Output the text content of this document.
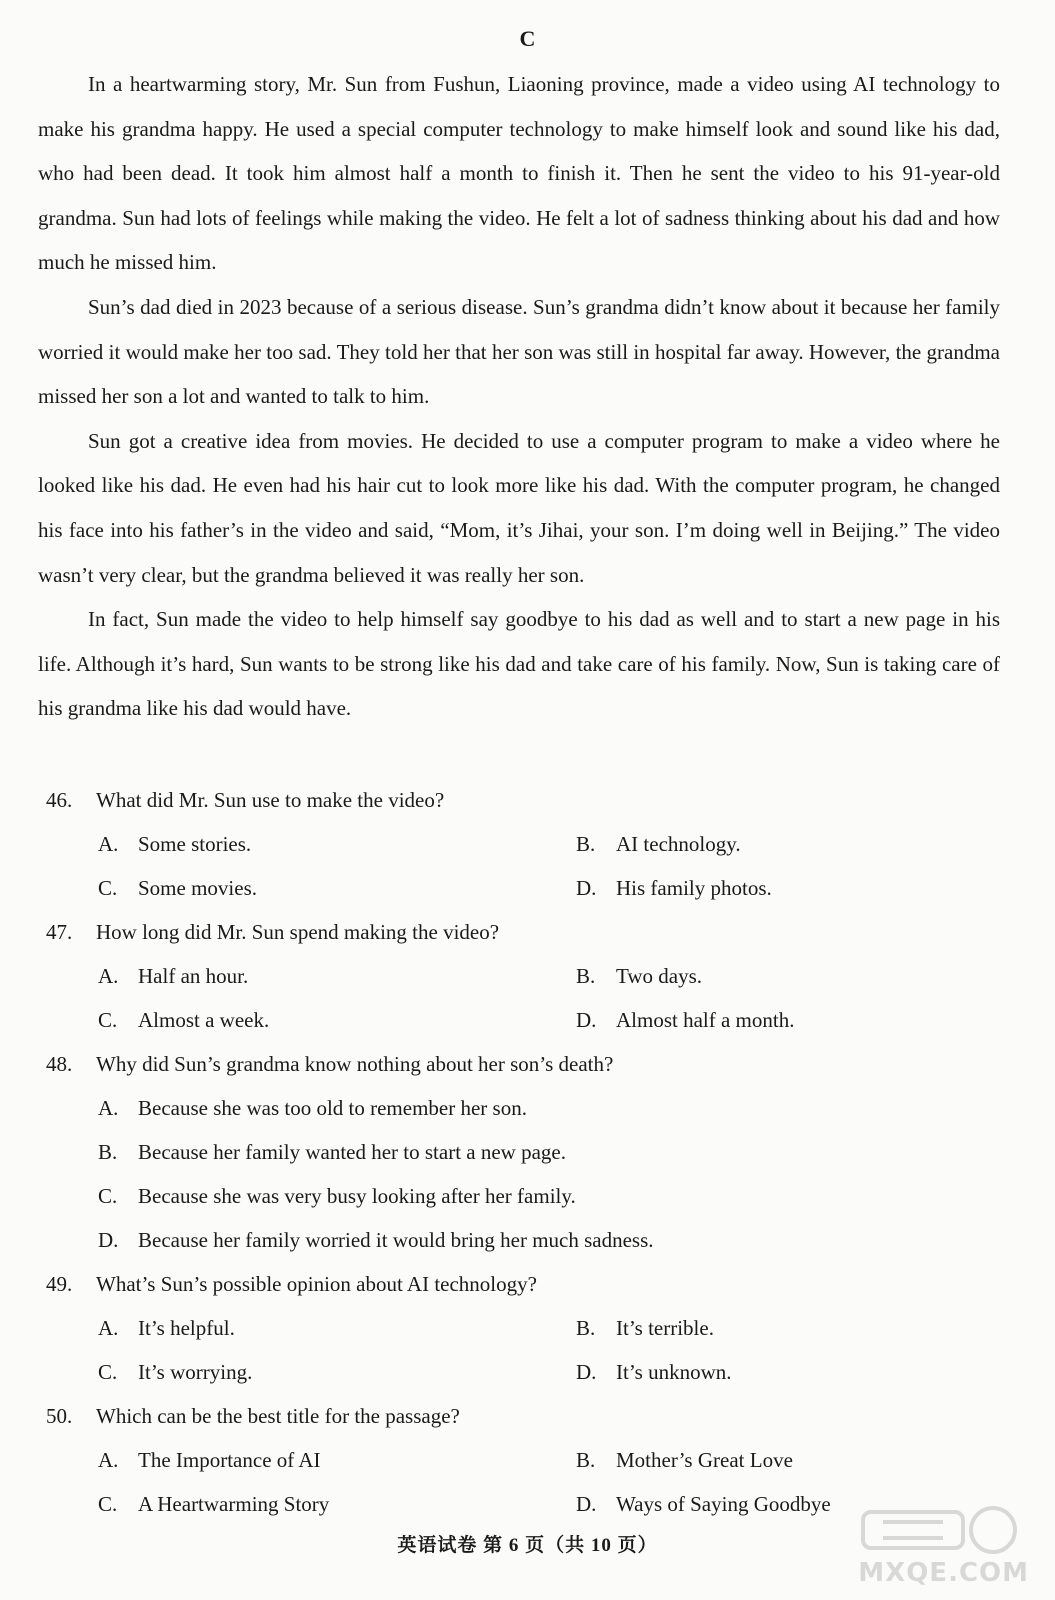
C

In a heartwarming story, Mr. Sun from Fushun, Liaoning province, made a video using AI technology to make his grandma happy. He used a special computer technology to make himself look and sound like his dad, who had been dead. It took him almost half a month to finish it. Then he sent the video to his 91-year-old grandma. Sun had lots of feelings while making the video. He felt a lot of sadness thinking about his dad and how much he missed him.

Sun’s dad died in 2023 because of a serious disease. Sun’s grandma didn’t know about it because her family worried it would make her too sad. They told her that her son was still in hospital far away. However, the grandma missed her son a lot and wanted to talk to him.

Sun got a creative idea from movies. He decided to use a computer program to make a video where he looked like his dad. He even had his hair cut to look more like his dad. With the computer program, he changed his face into his father’s in the video and said, “Mom, it’s Jihai, your son. I’m doing well in Beijing.” The video wasn’t very clear, but the grandma believed it was really her son.

In fact, Sun made the video to help himself say goodbye to his dad as well and to start a new page in his life. Although it’s hard, Sun wants to be strong like his dad and take care of his family. Now, Sun is taking care of his grandma like his dad would have.

46. What did Mr. Sun use to make the video?

A. Some stories.	B. AI technology.
C. Some movies.	D. His family photos.

47. How long did Mr. Sun spend making the video?

A. Half an hour.	B. Two days.
C. Almost a week.	D. Almost half a month.

48. Why did Sun’s grandma know nothing about her son’s death?

A. Because she was too old to remember her son.
B. Because her family wanted her to start a new page.
C. Because she was very busy looking after her family.
D. Because her family worried it would bring her much sadness.

49. What’s Sun’s possible opinion about AI technology?

A. It’s helpful.	B. It’s terrible.
C. It’s worrying.	D. It’s unknown.

50. Which can be the best title for the passage?

A. The Importance of AI	B. Mother’s Great Love
C. A Heartwarming Story	D. Ways of Saying Goodbye
英语试卷 第 6 页（共 10 页）
MXQE.COM
